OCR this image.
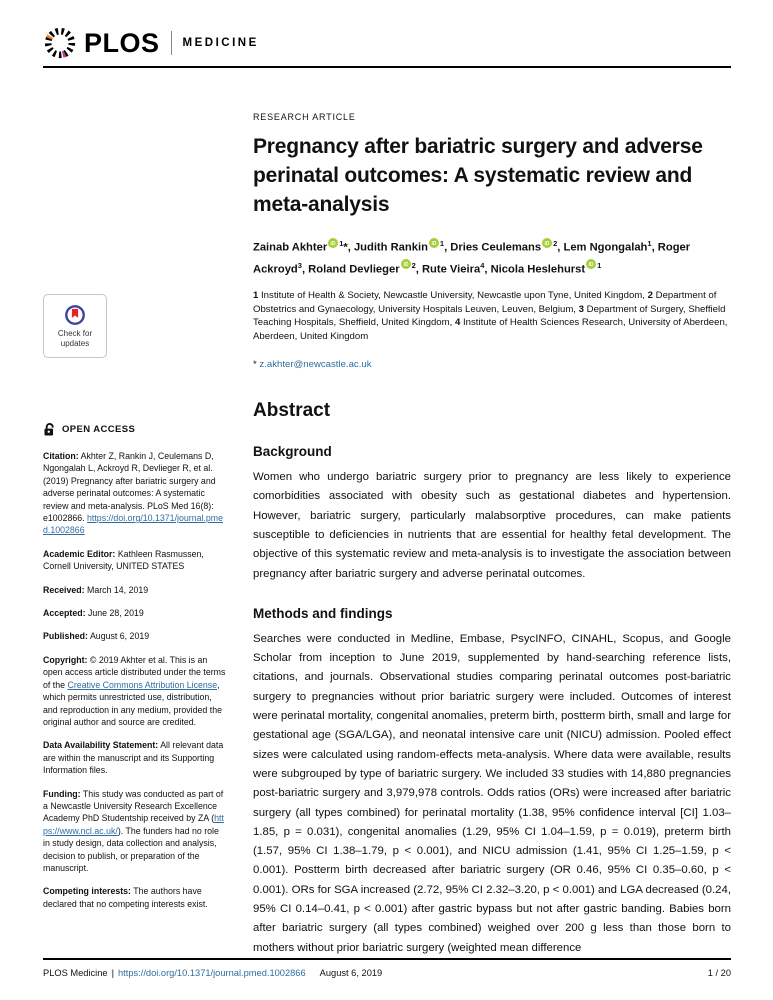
PLOS MEDICINE
Check for
updates
OPEN ACCESS

Citation: Akhter Z, Rankin J, Ceulemans D, Ngongalah L, Ackroyd R, Devlieger R, et al. (2019) Pregnancy after bariatric surgery and adverse perinatal outcomes: A systematic review and meta-analysis. PLoS Med 16(8): e1002866. https://doi.org/10.1371/journal.pmed.1002866

Academic Editor: Kathleen Rasmussen, Cornell University, UNITED STATES

Received: March 14, 2019

Accepted: June 28, 2019

Published: August 6, 2019

Copyright: © 2019 Akhter et al. This is an open access article distributed under the terms of the Creative Commons Attribution License, which permits unrestricted use, distribution, and reproduction in any medium, provided the original author and source are credited.

Data Availability Statement: All relevant data are within the manuscript and its Supporting Information files.

Funding: This study was conducted as part of a Newcastle University Research Excellence Academy PhD Studentship received by ZA (https://www.ncl.ac.uk/). The funders had no role in study design, data collection and analysis, decision to publish, or preparation of the manuscript.

Competing interests: The authors have declared that no competing interests exist.

RESEARCH ARTICLE
Pregnancy after bariatric surgery and adverse perinatal outcomes: A systematic review and meta-analysis
Zainab Akhter iD $^1$*, Judith Rankin iD $^1$, Dries Ceulemans iD $^2$, Lem Ngongalah$^1$, Roger Ackroyd$^3$, Roland Devlieger iD $^2$, Rute Vieira$^4$, Nicola Heslehurst iD $^1$
1 Institute of Health & Society, Newcastle University, Newcastle upon Tyne, United Kingdom, 2 Department of Obstetrics and Gynaecology, University Hospitals Leuven, Leuven, Belgium, 3 Department of Surgery, Sheffield Teaching Hospitals, Sheffield, United Kingdom, 4 Institute of Health Sciences Research, University of Aberdeen, Aberdeen, United Kingdom
* z.akhter@newcastle.ac.uk
Abstract
Background

Women who undergo bariatric surgery prior to pregnancy are less likely to experience comorbidities associated with obesity such as gestational diabetes and hypertension. However, bariatric surgery, particularly malabsorptive procedures, can make patients susceptible to deficiencies in nutrients that are essential for healthy fetal development. The objective of this systematic review and meta-analysis is to investigate the association between pregnancy after bariatric surgery and adverse perinatal outcomes.

Methods and findings

Searches were conducted in Medline, Embase, PsycINFO, CINAHL, Scopus, and Google Scholar from inception to June 2019, supplemented by hand-searching reference lists, citations, and journals. Observational studies comparing perinatal outcomes post-bariatric surgery to pregnancies without prior bariatric surgery were included. Outcomes of interest were perinatal mortality, congenital anomalies, preterm birth, postterm birth, small and large for gestational age (SGA/LGA), and neonatal intensive care unit (NICU) admission. Pooled effect sizes were calculated using random-effects meta-analysis. Where data were available, results were subgrouped by type of bariatric surgery. We included 33 studies with 14,880 pregnancies post-bariatric surgery and 3,979,978 controls. Odds ratios (ORs) were increased after bariatric surgery (all types combined) for perinatal mortality (1.38, 95% confidence interval [CI] 1.03–1.85, p = 0.031), congenital anomalies (1.29, 95% CI 1.04–1.59, p = 0.019), preterm birth (1.57, 95% CI 1.38–1.79, p < 0.001), and NICU admission (1.41, 95% CI 1.25–1.59, p < 0.001). Postterm birth decreased after bariatric surgery (OR 0.46, 95% CI 0.35–0.60, p < 0.001). ORs for SGA increased (2.72, 95% CI 2.32–3.20, p < 0.001) and LGA decreased (0.24, 95% CI 0.14–0.41, p < 0.001) after gastric bypass but not after gastric banding. Babies born after bariatric surgery (all types combined) weighed over 200 g less than those born to mothers without prior bariatric surgery (weighted mean difference

PLOS Medicine | https://doi.org/10.1371/journal.pmed.1002866 August 6, 2019	1 / 20
